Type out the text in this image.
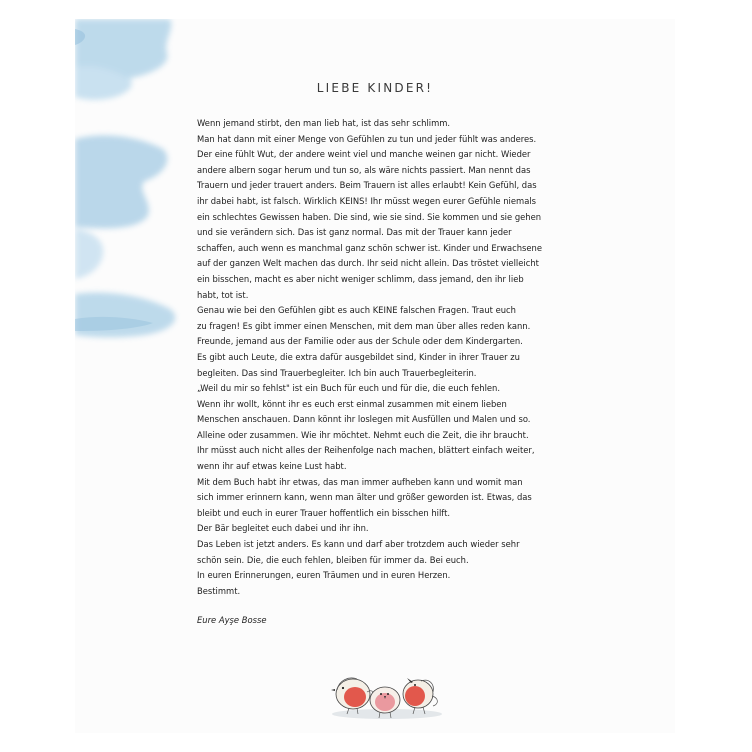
LIEBE KINDER!
Wenn jemand stirbt, den man lieb hat, ist das sehr schlimm.
Man hat dann mit einer Menge von Gefühlen zu tun und jeder fühlt was anderes.
Der eine fühlt Wut, der andere weint viel und manche weinen gar nicht. Wieder
andere albern sogar herum und tun so, als wäre nichts passiert. Man nennt das
Trauern und jeder trauert anders. Beim Trauern ist alles erlaubt! Kein Gefühl, das
ihr dabei habt, ist falsch. Wirklich KEINS! Ihr müsst wegen eurer Gefühle niemals
ein schlechtes Gewissen haben. Die sind, wie sie sind. Sie kommen und sie gehen
und sie verändern sich. Das ist ganz normal. Das mit der Trauer kann jeder
schaffen, auch wenn es manchmal ganz schön schwer ist. Kinder und Erwachsene
auf der ganzen Welt machen das durch. Ihr seid nicht allein. Das tröstet vielleicht
ein bisschen, macht es aber nicht weniger schlimm, dass jemand, den ihr lieb
habt, tot ist.
Genau wie bei den Gefühlen gibt es auch KEINE falschen Fragen. Traut euch
zu fragen! Es gibt immer einen Menschen, mit dem man über alles reden kann.
Freunde, jemand aus der Familie oder aus der Schule oder dem Kindergarten.
Es gibt auch Leute, die extra dafür ausgebildet sind, Kinder in ihrer Trauer zu
begleiten. Das sind Trauerbegleiter. Ich bin auch Trauerbegleiterin.
„Weil du mir so fehlst" ist ein Buch für euch und für die, die euch fehlen.
Wenn ihr wollt, könnt ihr es euch erst einmal zusammen mit einem lieben
Menschen anschauen. Dann könnt ihr loslegen mit Ausfüllen und Malen und so.
Alleine oder zusammen. Wie ihr möchtet. Nehmt euch die Zeit, die ihr braucht.
Ihr müsst auch nicht alles der Reihenfolge nach machen, blättert einfach weiter,
wenn ihr auf etwas keine Lust habt.
Mit dem Buch habt ihr etwas, das man immer aufheben kann und womit man
sich immer erinnern kann, wenn man älter und größer geworden ist. Etwas, das
bleibt und euch in eurer Trauer hoffentlich ein bisschen hilft.
Der Bär begleitet euch dabei und ihr ihn.
Das Leben ist jetzt anders. Es kann und darf aber trotzdem auch wieder sehr
schön sein. Die, die euch fehlen, bleiben für immer da. Bei euch.
In euren Erinnerungen, euren Träumen und in euren Herzen.
Bestimmt.
Eure Ayşe Bosse
